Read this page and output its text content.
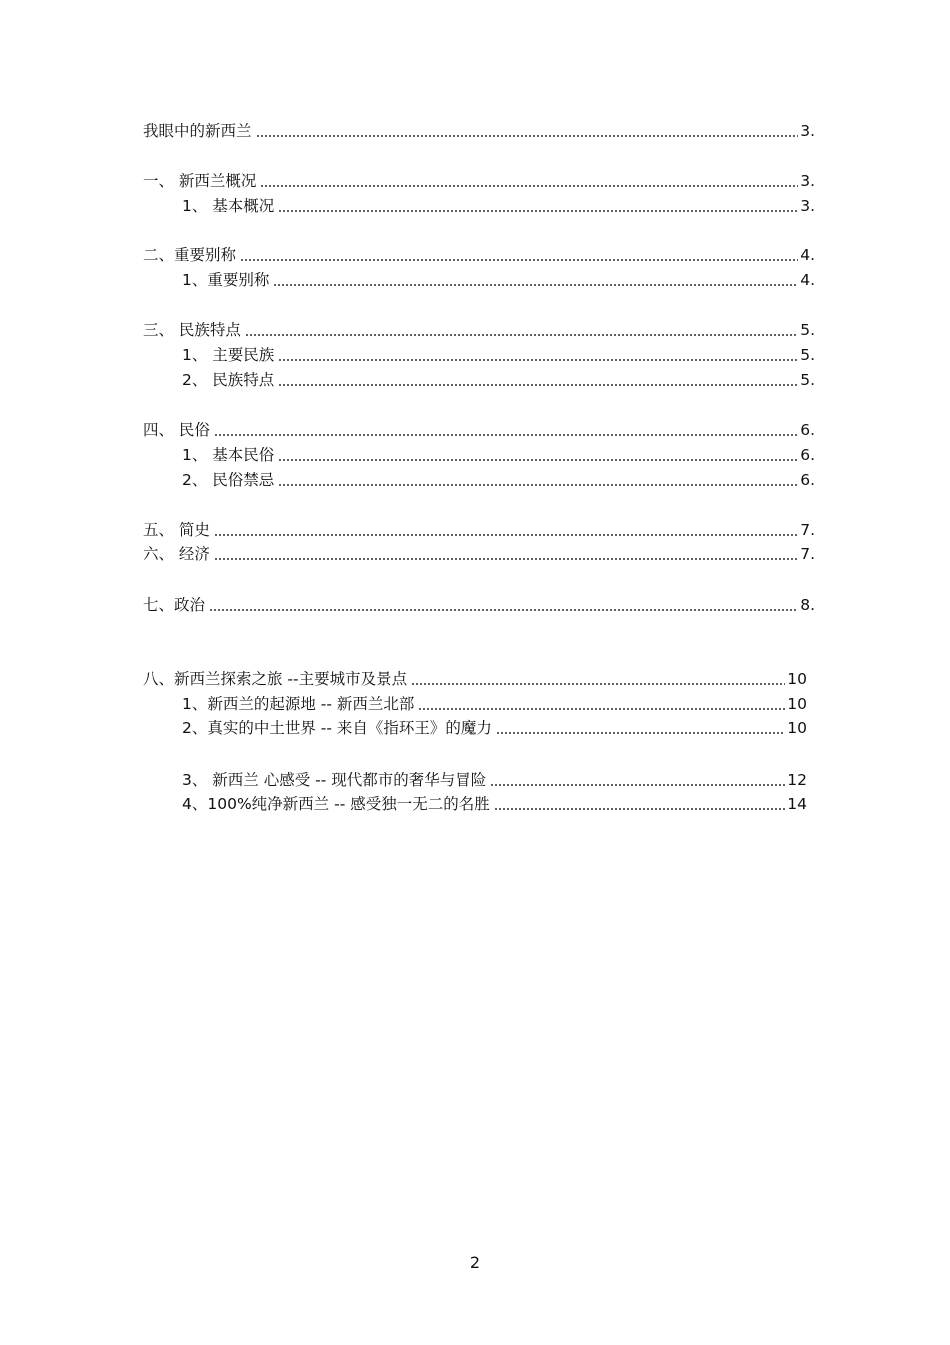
我眼中的新西兰	3.
一、 新西兰概况	3.
1、 基本概况	3.
二、重要别称	4.
1、重要别称	4.
三、 民族特点	5.
1、 主要民族	5.
2、 民族特点	5.
四、 民俗	6.
1、 基本民俗	6.
2、 民俗禁忌	6.
五、 简史	7.
六、 经济	7.
七、政治	8.
八、新西兰探索之旅 --主要城市及景点	10
1、新西兰的起源地 -- 新西兰北部	10
2、真实的中土世界 -- 来自《指环王》的魔力	10
3、 新西兰 心感受 -- 现代都市的奢华与冒险	12
4、100%纯净新西兰 -- 感受独一无二的名胜	14
2
